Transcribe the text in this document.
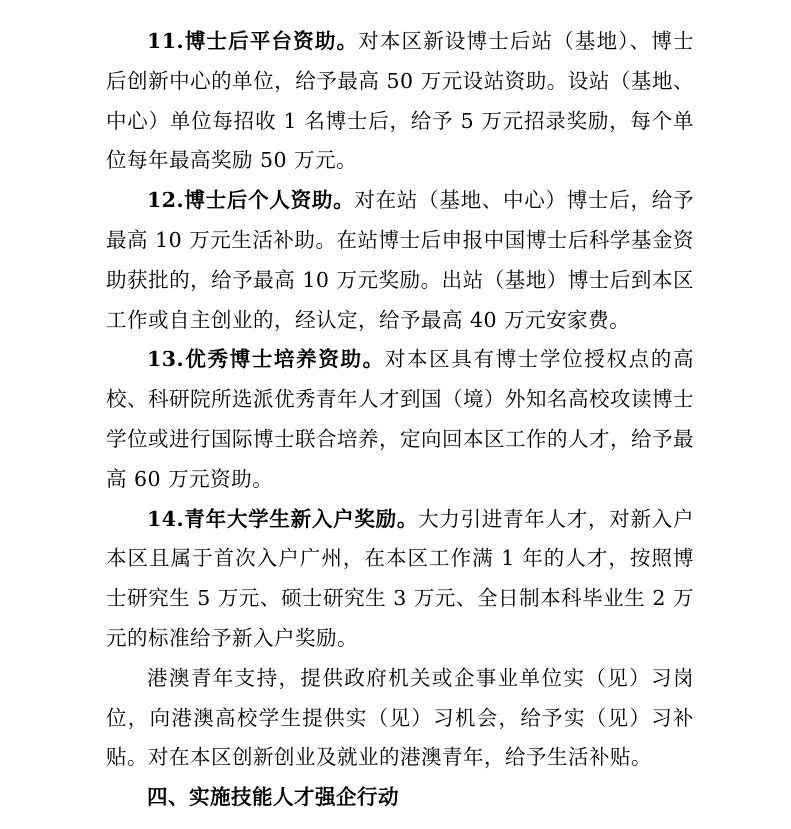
11.博士后平台资助。对本区新设博士后站（基地）、博士后创新中心的单位，给予最高 50 万元设站资助。设站（基地、中心）单位每招收 1 名博士后，给予 5 万元招录奖励，每个单位每年最高奖励 50 万元。

12.博士后个人资助。对在站（基地、中心）博士后，给予最高 10 万元生活补助。在站博士后申报中国博士后科学基金资助获批的，给予最高 10 万元奖励。出站（基地）博士后到本区工作或自主创业的，经认定，给予最高 40 万元安家费。

13.优秀博士培养资助。对本区具有博士学位授权点的高校、科研院所选派优秀青年人才到国（境）外知名高校攻读博士学位或进行国际博士联合培养，定向回本区工作的人才，给予最高 60 万元资助。

14.青年大学生新入户奖励。大力引进青年人才，对新入户本区且属于首次入户广州，在本区工作满 1 年的人才，按照博士研究生 5 万元、硕士研究生 3 万元、全日制本科毕业生 2 万元的标准给予新入户奖励。

港澳青年支持，提供政府机关或企事业单位实（见）习岗位，向港澳高校学生提供实（见）习机会，给予实（见）习补贴。对在本区创新创业及就业的港澳青年，给予生活补贴。

四、实施技能人才强企行动
